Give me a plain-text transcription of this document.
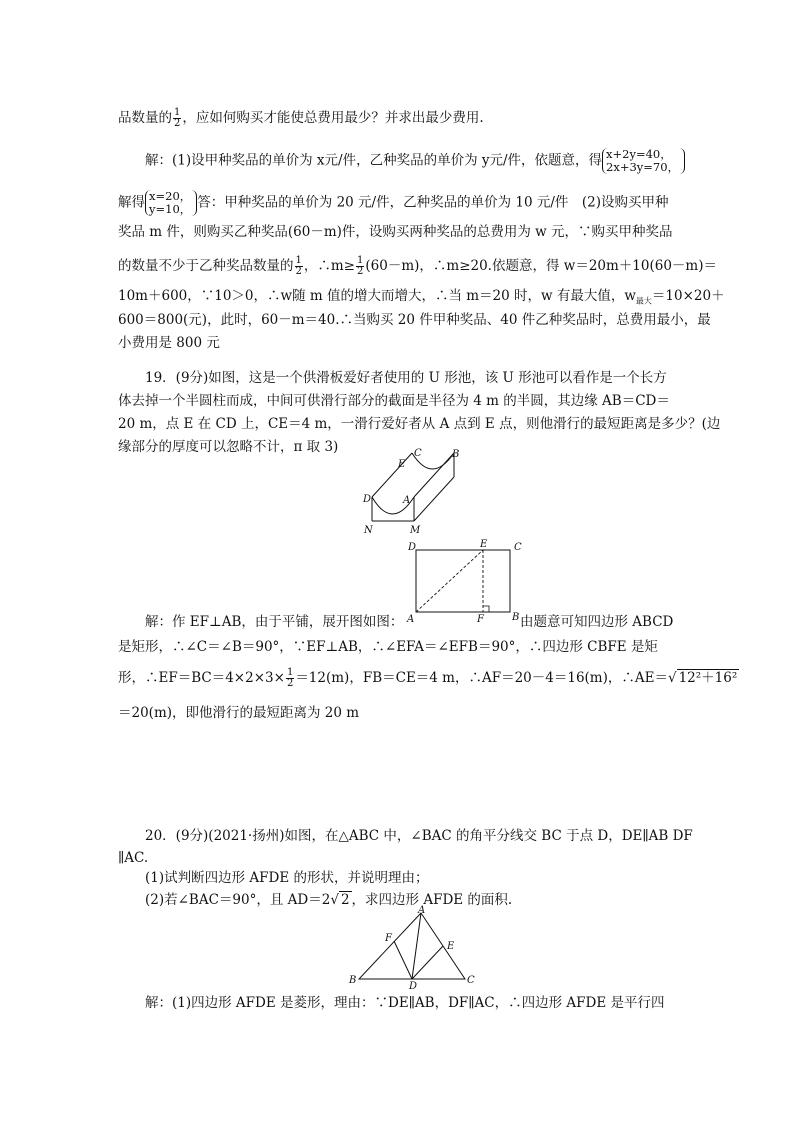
品数量的 $\frac{1}{2}$ ，应如何购买才能使总费用最少？并求出最少费用.
解：(1)设甲种奖品的单价为 x元/件，乙种奖品的单价为 y元/件，依题意，得 x+2y=40，
2x+3y=70，
解得 x=20，
y=10， 答：甲种奖品的单价为 20 元/件，乙种奖品的单价为 10 元/件　(2)设购买甲种
奖品 m 件，则购买乙种奖品(60－m)件，设购买两种奖品的总费用为 w 元，∵购买甲种奖品
的数量不少于乙种奖品数量的 $\frac{1}{2}$ ，∴m≥ $\frac{1}{2} (60-m)$，∴m≥20.依题意，得 w＝20m＋10(60－m)＝
10m＋600，∵10＞0，∴w随 m 值的增大而增大，∴当 m＝20 时，w 有最大值，$w_{最大}=10\times 20+$
600＝800(元)，此时，60－m＝40.∴当购买 20 件甲种奖品、40 件乙种奖品时，总费用最小，最
小费用是 800 元
19．(9分)如图，这是一个供滑板爱好者使用的 U 形池，该 U 形池可以看作是一个长方
体去掉一个半圆柱而成，中间可供滑行部分的截面是半径为 4 m 的半圆，其边缘 AB＝CD＝
20 m，点 E 在 CD 上，CE＝4 m，一滑行爱好者从 A 点到 E 点，则他滑行的最短距离是多少？(边
缘部分的厚度可以忽略不计，π 取 3)
E
C	B
D	A
N	M
D	E	C
A	F	B
解：作 EF⊥AB，由于平铺，展开图如图：	由题意可知四边形 ABCD
是矩形，∴∠C＝∠B＝90°，∵EF⊥AB，∴∠EFA＝∠EFB＝90°，∴四边形 CBFE 是矩
形，∴EF＝BC＝4×2×3× $\frac{1}{2} =12(m)$，FB＝CE＝4 m，∴AF＝20－4＝16(m)，∴AE＝√ 12²＋16²
＝20(m)，即他滑行的最短距离为 20 m
20．(9分)(2021·扬州)如图，在△ABC 中，∠BAC 的角平分线交 BC 于点 D，DE∥AB DF
∥AC.
(1)试判断四边形 AFDE 的形状，并说明理由；
(2)若∠BAC＝90°，且 AD＝2√ 2 ，求四边形 AFDE 的面积.
A
F
E
B
D
C
解：(1)四边形 AFDE 是菱形，理由：∵DE∥AB，DF∥AC，∴四边形 AFDE 是平行四
